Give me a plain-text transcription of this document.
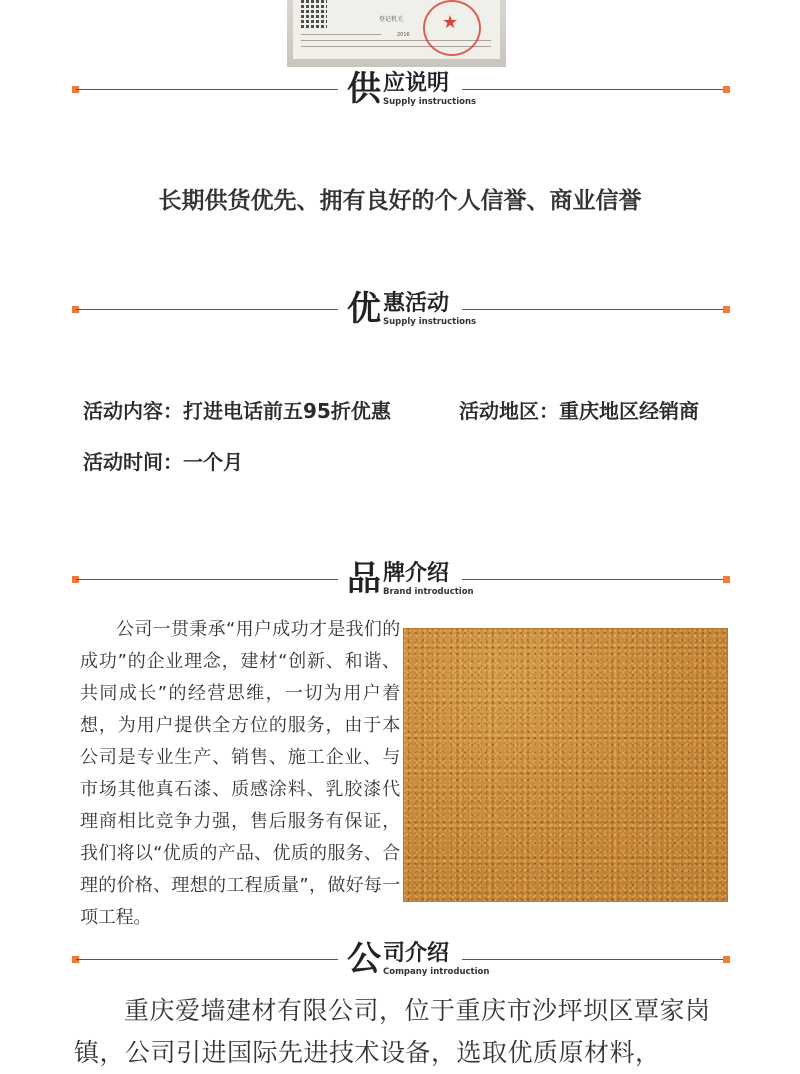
登记机关
2016
★
供 应说明
Supply instructions
长期供货优先、拥有良好的个人信誉、商业信誉
优 惠活动
Supply instructions
活动内容：打进电话前五95折优惠	活动地区：重庆地区经销商
活动时间：一个月
品 牌介绍
Brand introduction
公司一贯秉承“用户成功才是我们的成功”的企业理念，建材“创新、和谐、共同成长”的经营思维，一切为用户着想，为用户提供全方位的服务，由于本公司是专业生产、销售、施工企业、与市场其他真石漆、质感涂料、乳胶漆代理商相比竞争力强，售后服务有保证，我们将以“优质的产品、优质的服务、合理的价格、理想的工程质量”，做好每一项工程。
公 司介绍
Company introduction
重庆爱墙建材有限公司，位于重庆市沙坪坝区覃家岗镇，公司引进国际先进技术设备，选取优质原材料，
